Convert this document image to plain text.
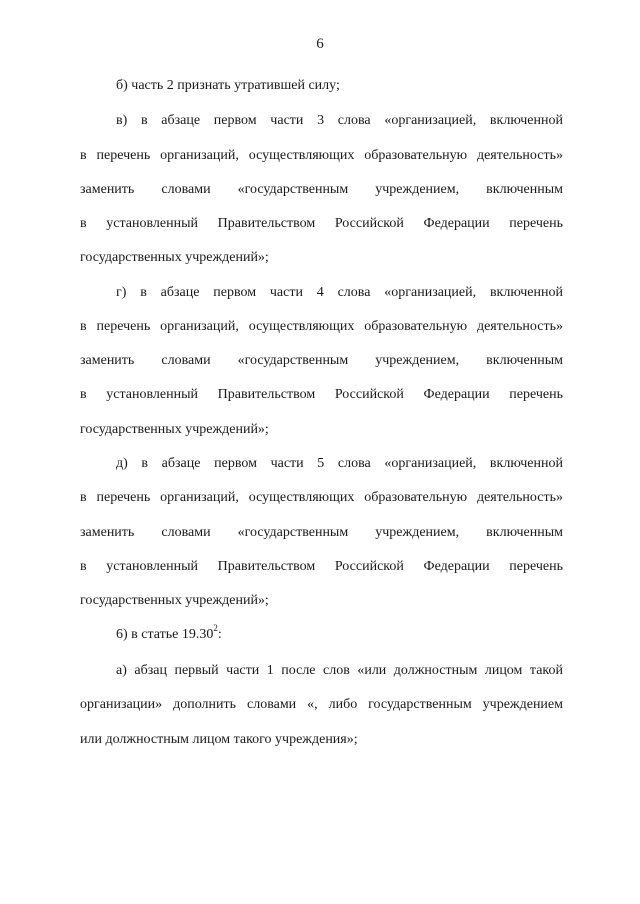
6
б) часть 2 признать утратившей силу;
в) в абзаце первом части 3 слова «организацией, включенной
в перечень организаций, осуществляющих образовательную деятельность»
заменить словами «государственным учреждением, включенным
в установленный Правительством Российской Федерации перечень
государственных учреждений»;
г) в абзаце первом части 4 слова «организацией, включенной
в перечень организаций, осуществляющих образовательную деятельность»
заменить словами «государственным учреждением, включенным
в установленный Правительством Российской Федерации перечень
государственных учреждений»;
д) в абзаце первом части 5 слова «организацией, включенной
в перечень организаций, осуществляющих образовательную деятельность»
заменить словами «государственным учреждением, включенным
в установленный Правительством Российской Федерации перечень
государственных учреждений»;
6) в статье 19.30$^2$:
а) абзац первый части 1 после слов «или должностным лицом такой
организации» дополнить словами «, либо государственным учреждением
или должностным лицом такого учреждения»;
